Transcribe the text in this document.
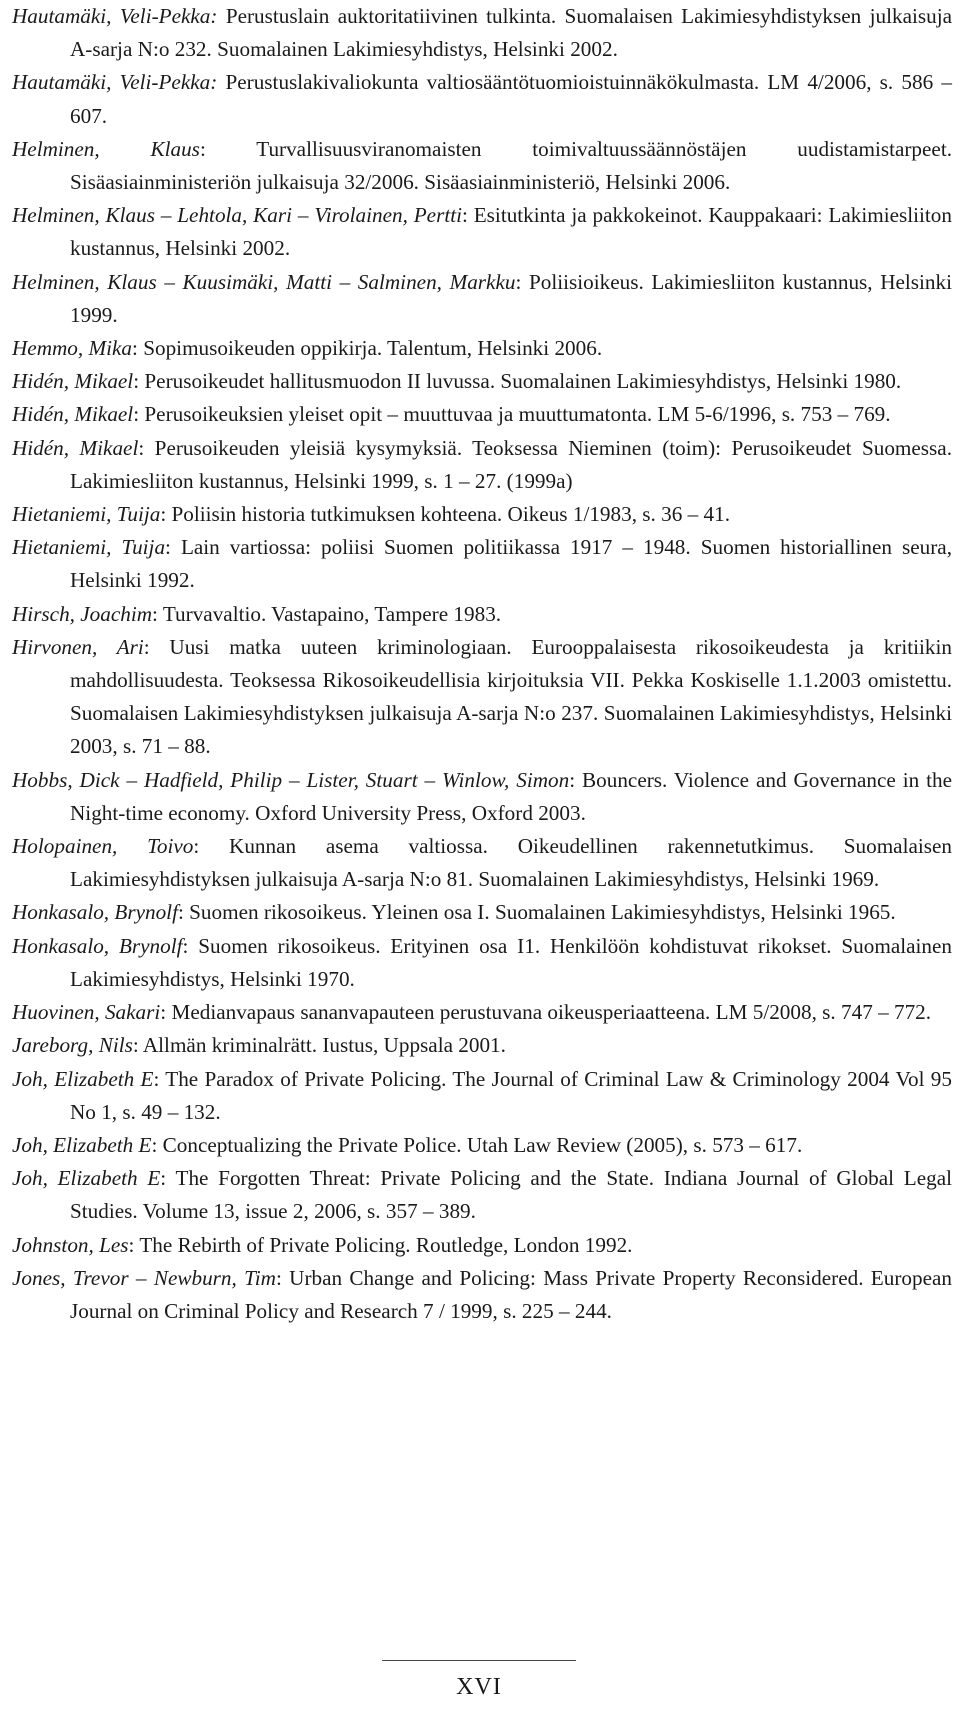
Hautamäki, Veli-Pekka: Perustuslain auktoritatiivinen tulkinta. Suomalaisen Lakimiesyhdistyksen julkaisuja A-sarja N:o 232. Suomalainen Lakimiesyhdistys, Helsinki 2002.
Hautamäki, Veli-Pekka: Perustuslakivaliokunta valtiosääntötuomioistuinnäkökulmasta. LM 4/2006, s. 586 – 607.
Helminen, Klaus: Turvallisuusviranomaisten toimivaltuussäännöstäjen uudistamistarpeet. Sisäasiainministeriön julkaisuja 32/2006. Sisäasiainministeriö, Helsinki 2006.
Helminen, Klaus – Lehtola, Kari – Virolainen, Pertti: Esitutkinta ja pakkokeinot. Kauppakaari: Lakimiesliiton kustannus, Helsinki 2002.
Helminen, Klaus – Kuusimäki, Matti – Salminen, Markku: Poliisioikeus. Lakimiesliiton kustannus, Helsinki 1999.
Hemmo, Mika: Sopimusoikeuden oppikirja. Talentum, Helsinki 2006.
Hidén, Mikael: Perusoikeudet hallitusmuodon II luvussa. Suomalainen Lakimiesyhdistys, Helsinki 1980.
Hidén, Mikael: Perusoikeuksien yleiset opit – muuttuvaa ja muuttumatonta. LM 5-6/1996, s. 753 – 769.
Hidén, Mikael: Perusoikeuden yleisiä kysymyksiä. Teoksessa Nieminen (toim): Perusoikeudet Suomessa. Lakimiesliiton kustannus, Helsinki 1999, s. 1 – 27. (1999a)
Hietaniemi, Tuija: Poliisin historia tutkimuksen kohteena. Oikeus 1/1983, s. 36 – 41.
Hietaniemi, Tuija: Lain vartiossa: poliisi Suomen politiikassa 1917 – 1948. Suomen historiallinen seura, Helsinki 1992.
Hirsch, Joachim: Turvavaltio. Vastapaino, Tampere 1983.
Hirvonen, Ari: Uusi matka uuteen kriminologiaan. Eurooppalaisesta rikosoikeudesta ja kritiikin mahdollisuudesta. Teoksessa Rikosoikeudellisia kirjoituksia VII. Pekka Koskiselle 1.1.2003 omistettu. Suomalaisen Lakimiesyhdistyksen julkaisuja A-sarja N:o 237. Suomalainen Lakimiesyhdistys, Helsinki 2003, s. 71 – 88.
Hobbs, Dick – Hadfield, Philip – Lister, Stuart – Winlow, Simon: Bouncers. Violence and Governance in the Night-time economy. Oxford University Press, Oxford 2003.
Holopainen, Toivo: Kunnan asema valtiossa. Oikeudellinen rakennetutkimus. Suomalaisen Lakimiesyhdistyksen julkaisuja A-sarja N:o 81. Suomalainen Lakimiesyhdistys, Helsinki 1969.
Honkasalo, Brynolf: Suomen rikosoikeus. Yleinen osa I. Suomalainen Lakimiesyhdistys, Helsinki 1965.
Honkasalo, Brynolf: Suomen rikosoikeus. Erityinen osa I1. Henkilöön kohdistuvat rikokset. Suomalainen Lakimiesyhdistys, Helsinki 1970.
Huovinen, Sakari: Medianvapaus sananvapauteen perustuvana oikeusperiaatteena. LM 5/2008, s. 747 – 772.
Jareborg, Nils: Allmän kriminalrätt. Iustus, Uppsala 2001.
Joh, Elizabeth E: The Paradox of Private Policing. The Journal of Criminal Law & Criminology 2004 Vol 95 No 1, s. 49 – 132.
Joh, Elizabeth E: Conceptualizing the Private Police. Utah Law Review (2005), s. 573 – 617.
Joh, Elizabeth E: The Forgotten Threat: Private Policing and the State. Indiana Journal of Global Legal Studies. Volume 13, issue 2, 2006, s. 357 – 389.
Johnston, Les: The Rebirth of Private Policing. Routledge, London 1992.
Jones, Trevor – Newburn, Tim: Urban Change and Policing: Mass Private Property Reconsidered. European Journal on Criminal Policy and Research 7 / 1999, s. 225 – 244.
XVI
